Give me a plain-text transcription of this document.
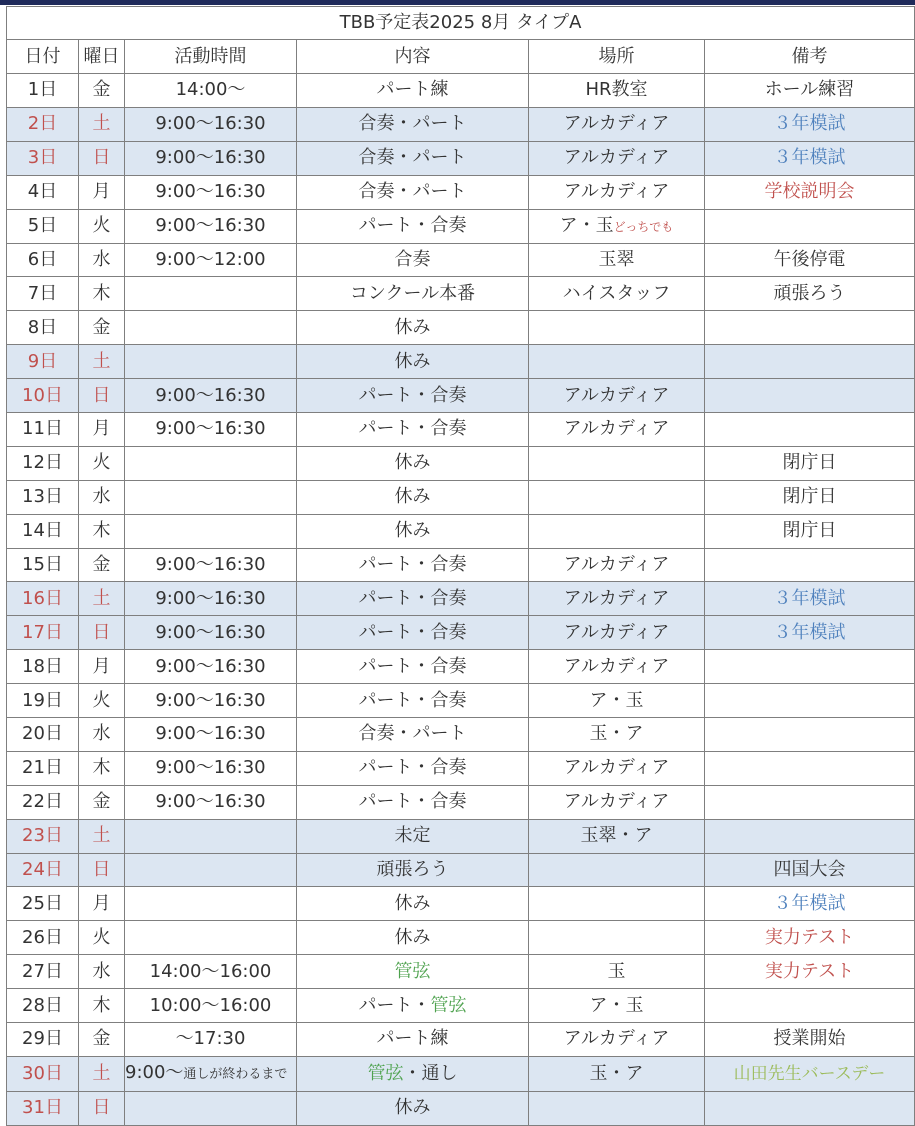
TBB予定表2025 8月 タイプA					
日付	曜日	活動時間	内容	場所	備考
1日	金	14:00～	パート練	HR教室	ホール練習
2日	土	9:00～16:30	合奏・パート	アルカディア	３年模試
3日	日	9:00～16:30	合奏・パート	アルカディア	３年模試
4日	月	9:00～16:30	合奏・パート	アルカディア	学校説明会
5日	火	9:00～16:30	パート・合奏	ア・玉どっちでも	
6日	水	9:00～12:00	合奏	玉翠	午後停電
7日	木		コンクール本番	ハイスタッフ	頑張ろう
8日	金		休み		
9日	土		休み		
10日	日	9:00～16:30	パート・合奏	アルカディア	
11日	月	9:00～16:30	パート・合奏	アルカディア	
12日	火		休み		閉庁日
13日	水		休み		閉庁日
14日	木		休み		閉庁日
15日	金	9:00～16:30	パート・合奏	アルカディア	
16日	土	9:00～16:30	パート・合奏	アルカディア	３年模試
17日	日	9:00～16:30	パート・合奏	アルカディア	３年模試
18日	月	9:00～16:30	パート・合奏	アルカディア	
19日	火	9:00～16:30	パート・合奏	ア・玉	
20日	水	9:00～16:30	合奏・パート	玉・ア	
21日	木	9:00～16:30	パート・合奏	アルカディア	
22日	金	9:00～16:30	パート・合奏	アルカディア	
23日	土		未定	玉翠・ア	
24日	日		頑張ろう		四国大会
25日	月		休み		３年模試
26日	火		休み		実力テスト
27日	水	14:00～16:00	管弦	玉	実力テスト
28日	木	10:00～16:00	パート・管弦	ア・玉	
29日	金	～17:30	パート練	アルカディア	授業開始
30日	土	9:00～通しが終わるまで	管弦・通し	玉・ア	山田先生バースデー
31日	日		休み		
